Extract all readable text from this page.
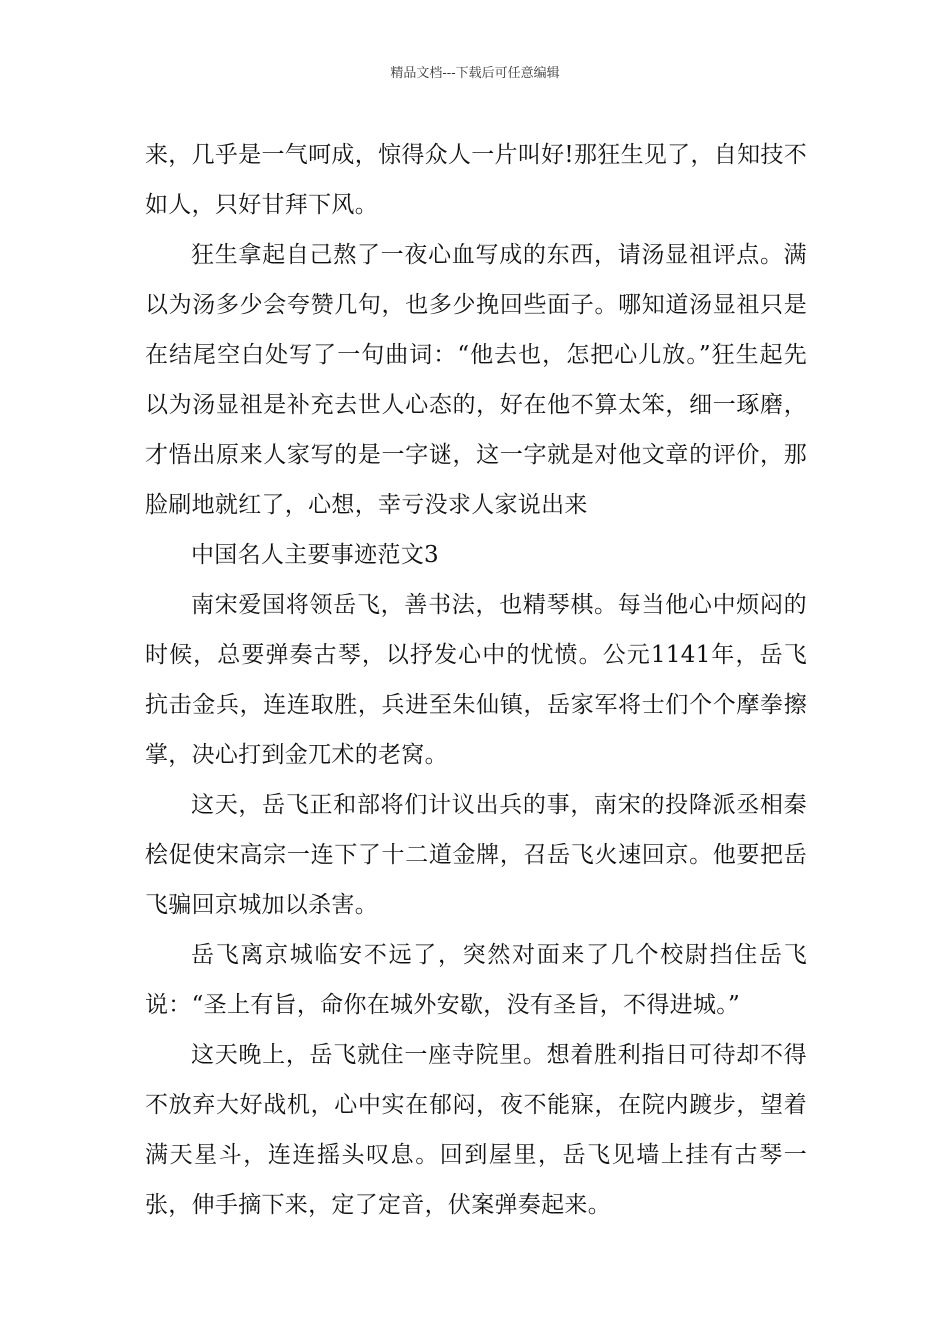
精品文档---下载后可任意编辑

来，几乎是一气呵成，惊得众人一片叫好!那狂生见了，自知技不如人，只好甘拜下风。

狂生拿起自己熬了一夜心血写成的东西，请汤显祖评点。满以为汤多少会夸赞几句，也多少挽回些面子。哪知道汤显祖只是在结尾空白处写了一句曲词：“他去也，怎把心儿放。”狂生起先以为汤显祖是补充去世人心态的，好在他不算太笨，细一琢磨，才悟出原来人家写的是一字谜，这一字就是对他文章的评价，那脸刷地就红了，心想，幸亏没求人家说出来

中国名人主要事迹范文3

南宋爱国将领岳飞，善书法，也精琴棋。每当他心中烦闷的时候，总要弹奏古琴，以抒发心中的忧愤。公元1141年，岳飞抗击金兵，连连取胜，兵进至朱仙镇，岳家军将士们个个摩拳擦掌，决心打到金兀术的老窝。

这天，岳飞正和部将们计议出兵的事，南宋的投降派丞相秦桧促使宋高宗一连下了十二道金牌，召岳飞火速回京。他要把岳飞骗回京城加以杀害。

岳飞离京城临安不远了，突然对面来了几个校尉挡住岳飞说：“圣上有旨，命你在城外安歇，没有圣旨，不得进城。”

这天晚上，岳飞就住一座寺院里。想着胜利指日可待却不得不放弃大好战机，心中实在郁闷，夜不能寐，在院内踱步，望着满天星斗，连连摇头叹息。回到屋里，岳飞见墙上挂有古琴一张，伸手摘下来，定了定音，伏案弹奏起来。
